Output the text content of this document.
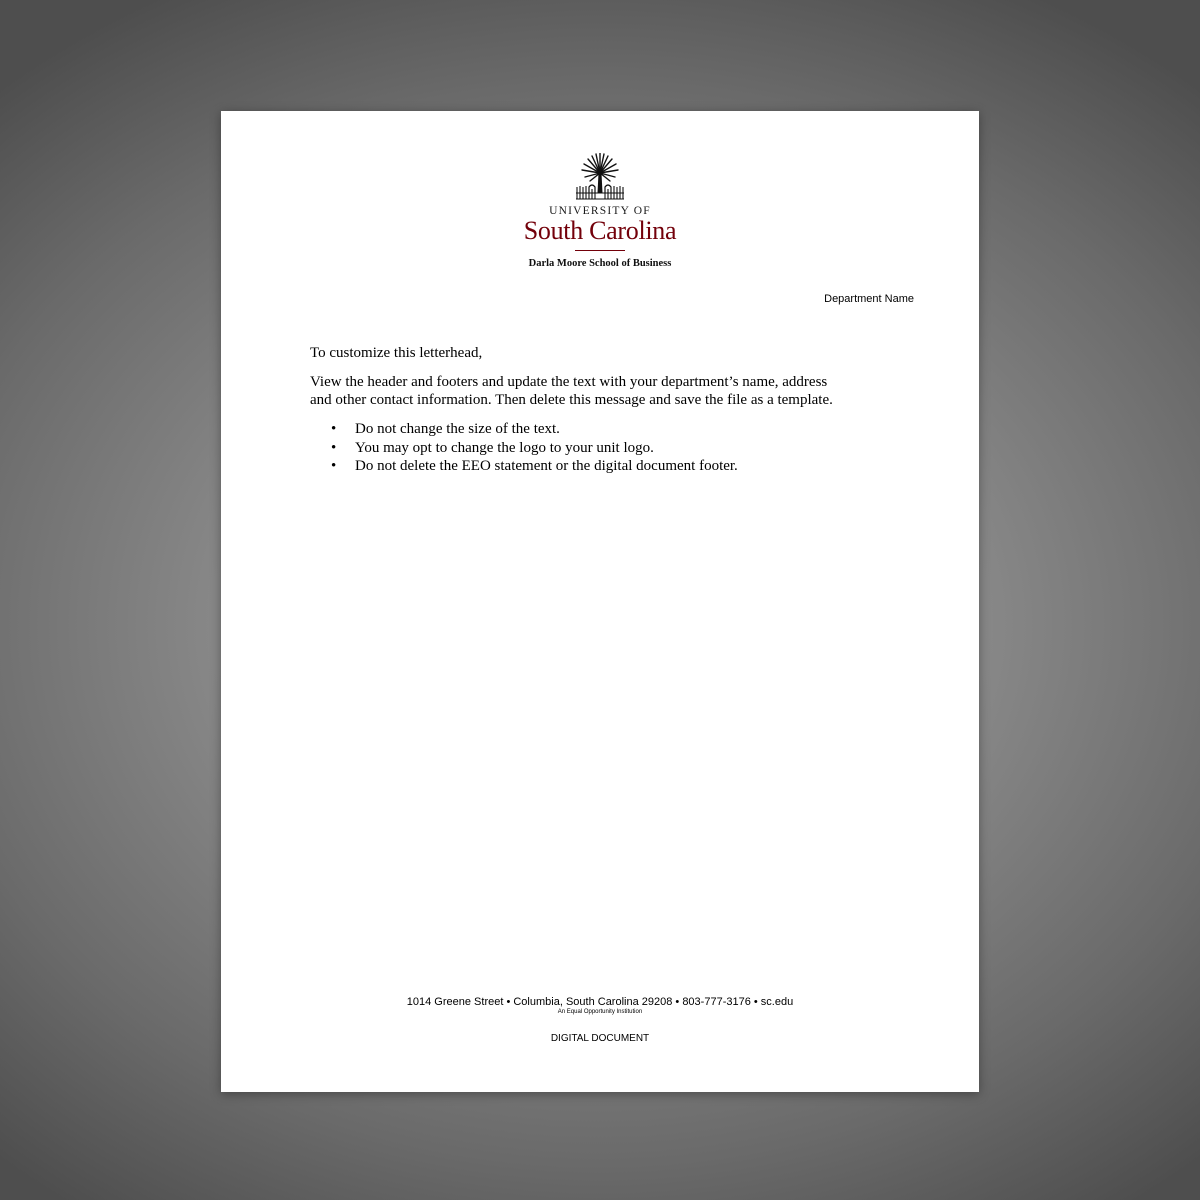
UNIVERSITY OF
South Carolina
Darla Moore School of Business
Department Name

To customize this letterhead,

View the header and footers and update the text with your department’s name, address
and other contact information. Then delete this message and save the file as a template.

• Do not change the size of the text.
• You may opt to change the logo to your unit logo.
• Do not delete the EEO statement or the digital document footer.
1014 Greene Street • Columbia, South Carolina 29208 • 803-777-3176 • sc.edu
An Equal Opportunity Institution
DIGITAL DOCUMENT
